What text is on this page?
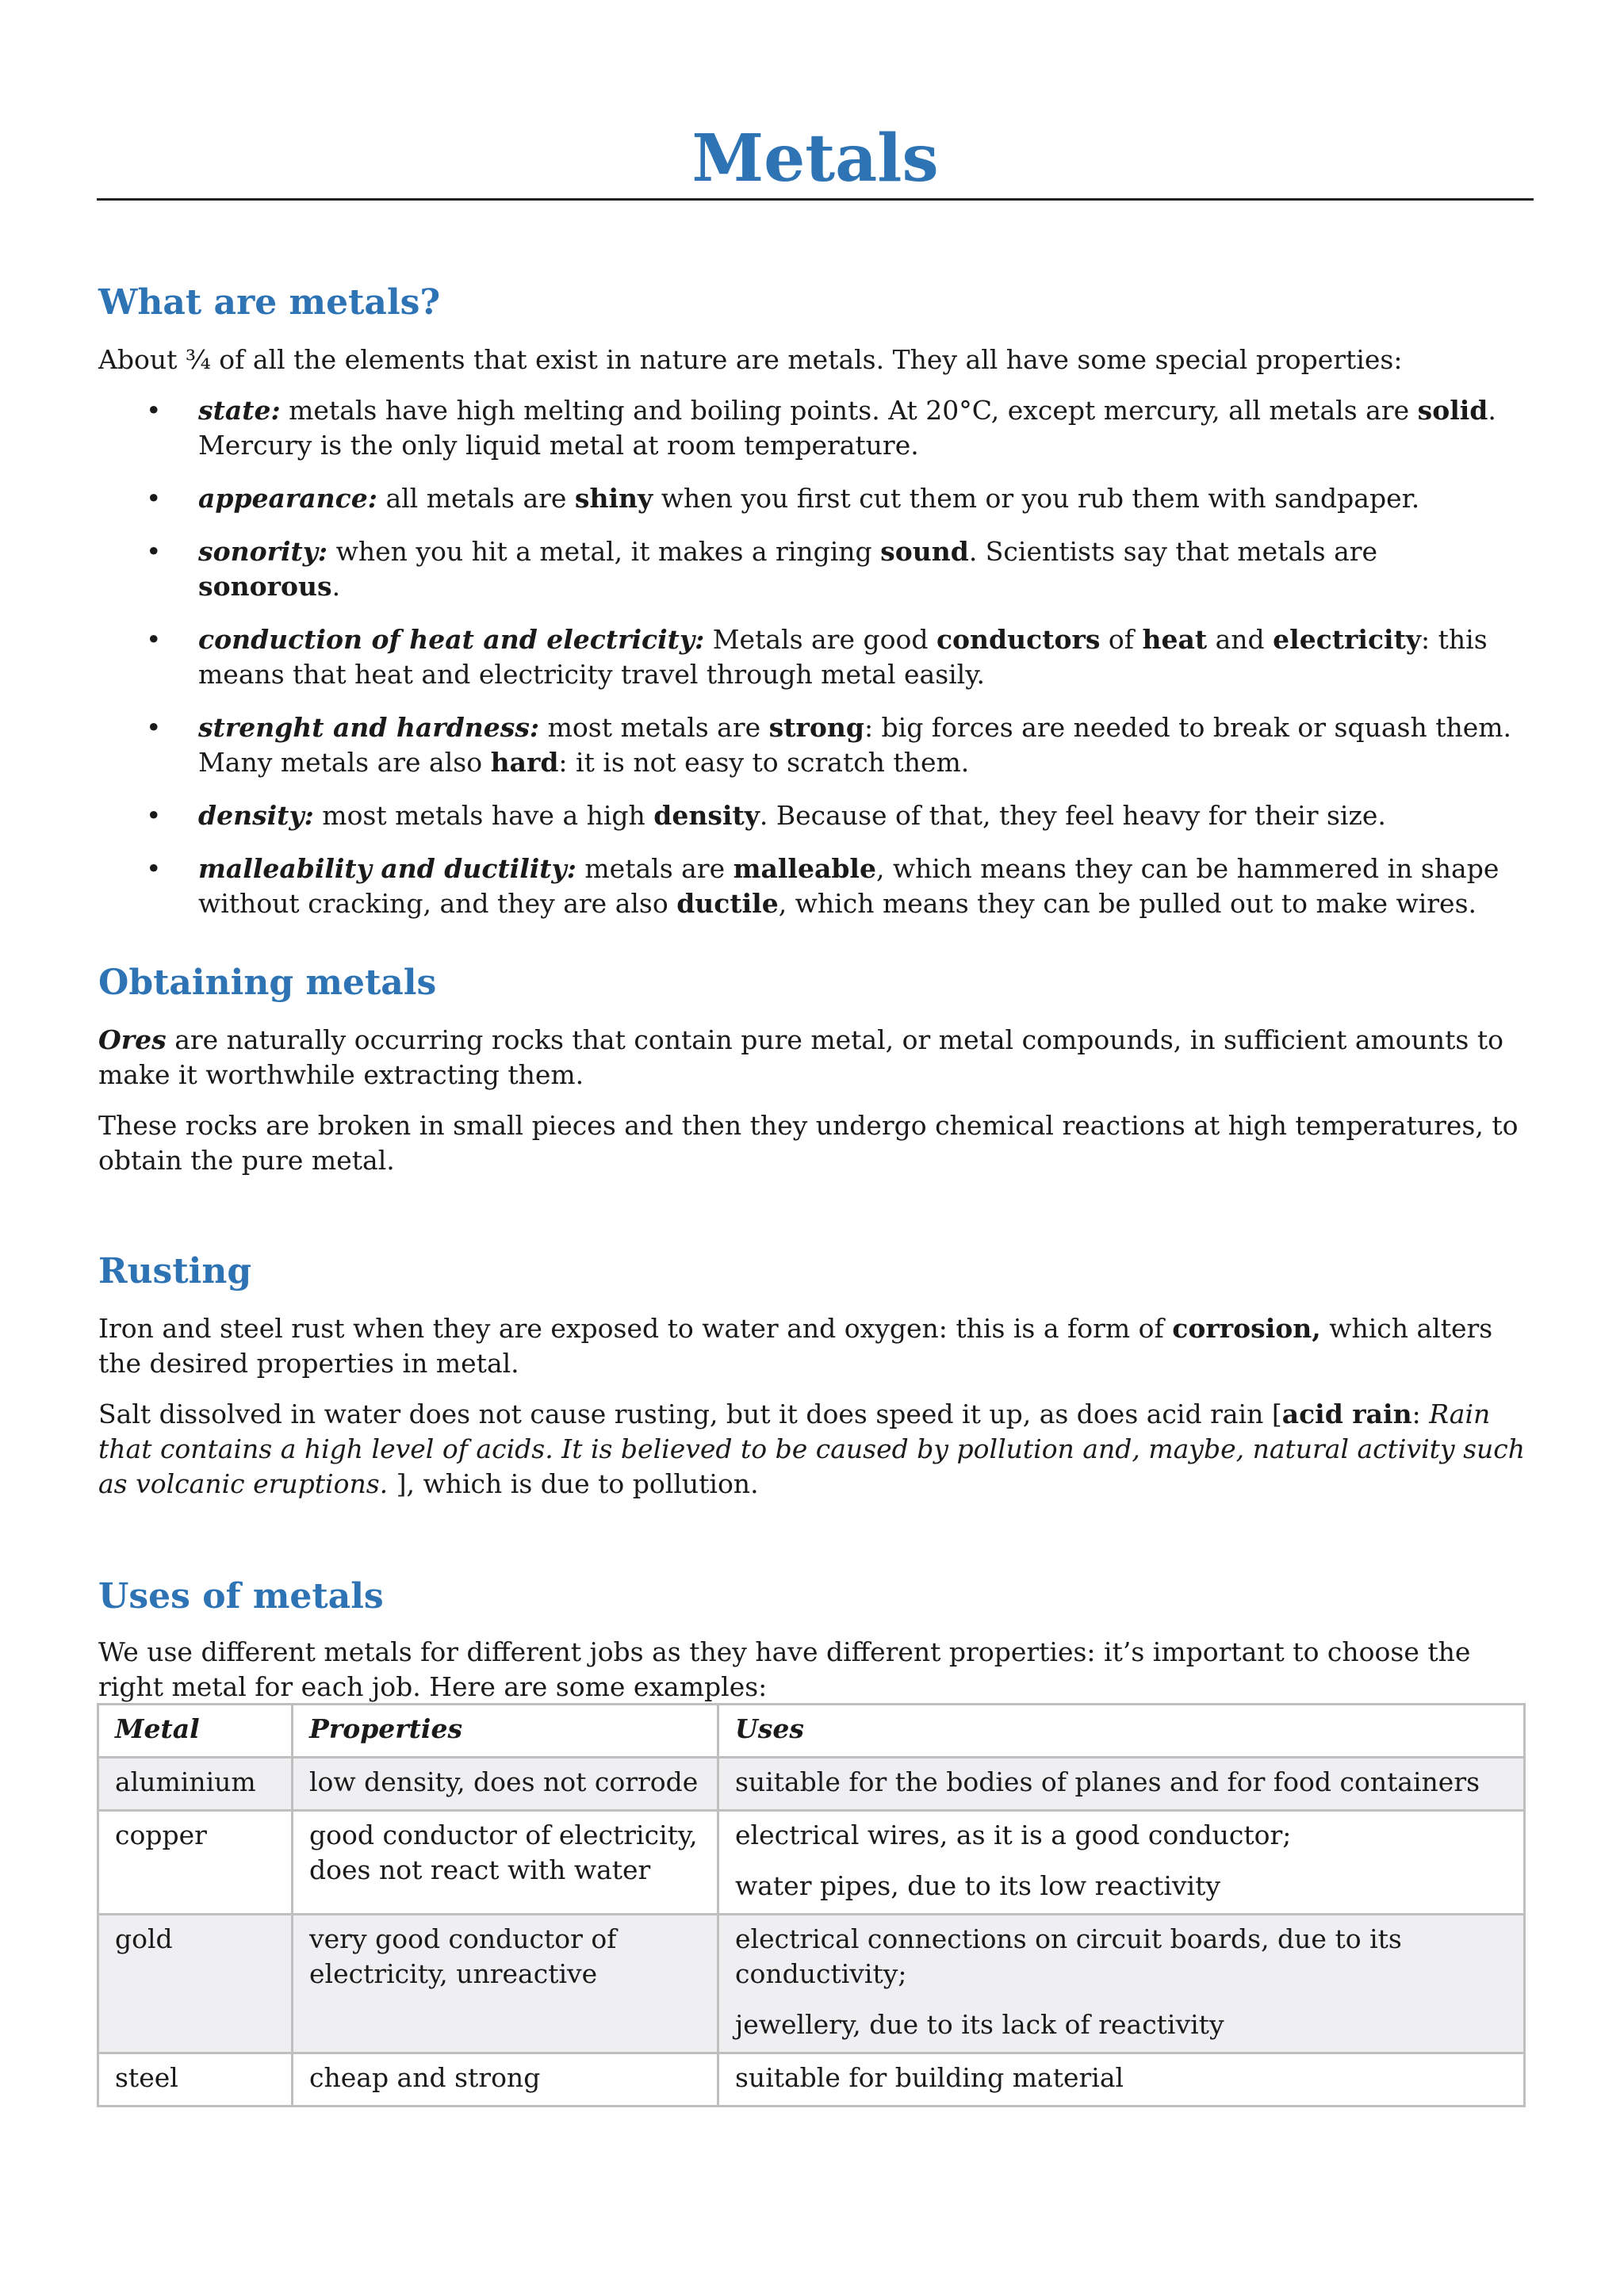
Metals
What are metals?

About ¾ of all the elements that exist in nature are metals. They all have some special properties:

• state: metals have high melting and boiling points. At 20°C, except mercury, all metals are solid. Mercury is the only liquid metal at room temperature.
• appearance: all metals are shiny when you first cut them or you rub them with sandpaper.
• sonority: when you hit a metal, it makes a ringing sound. Scientists say that metals are sonorous.
• conduction of heat and electricity: Metals are good conductors of heat and electricity: this means that heat and electricity travel through metal easily.
• strenght and hardness: most metals are strong: big forces are needed to break or squash them. Many metals are also hard: it is not easy to scratch them.
• density: most metals have a high density. Because of that, they feel heavy for their size.
• malleability and ductility: metals are malleable, which means they can be hammered in shape without cracking, and they are also ductile, which means they can be pulled out to make wires.
Obtaining metals

Ores are naturally occurring rocks that contain pure metal, or metal compounds, in sufficient amounts to make it worthwhile extracting them.

These rocks are broken in small pieces and then they undergo chemical reactions at high temperatures, to obtain the pure metal.

Rusting

Iron and steel rust when they are exposed to water and oxygen: this is a form of corrosion, which alters the desired properties in metal.

Salt dissolved in water does not cause rusting, but it does speed it up, as does acid rain [acid rain: Rain that contains a high level of acids. It is believed to be caused by pollution and, maybe, natural activity such as volcanic eruptions. ], which is due to pollution.

Uses of metals

We use different metals for different jobs as they have different properties: it’s important to choose the right metal for each job. Here are some examples:

Metal	Properties	Uses
aluminium	low density, does not corrode	suitable for the bodies of planes and for food containers

copper	good conductor of electricity, does not react with water	electrical wires, as it is a good conductor;
water pipes, due to its low reactivity

gold	very good conductor of electricity, unreactive	electrical connections on circuit boards, due to its conductivity;
jewellery, due to its lack of reactivity

steel	cheap and strong	suitable for building material
